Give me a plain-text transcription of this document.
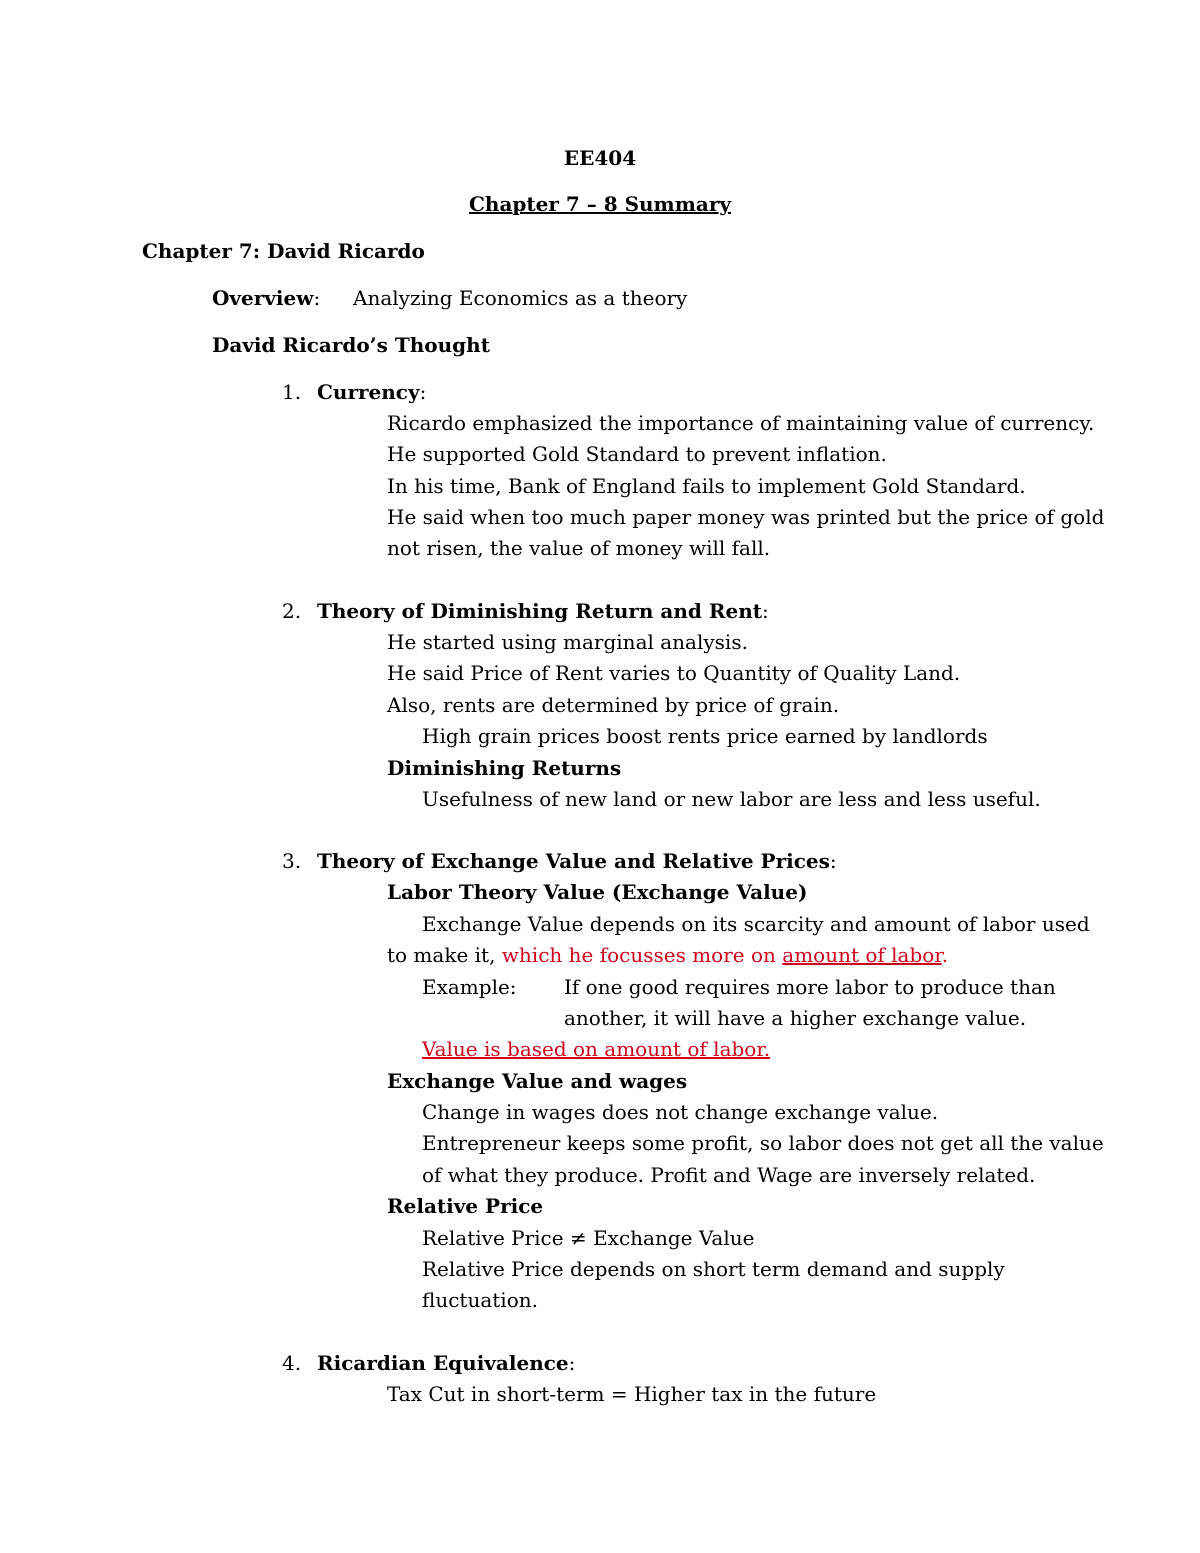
EE404
Chapter 7 – 8 Summary
Chapter 7: David Ricardo
Overview: Analyzing Economics as a theory
David Ricardo’s Thought
1. Currency:
Ricardo emphasized the importance of maintaining value of currency.
He supported Gold Standard to prevent inflation.
In his time, Bank of England fails to implement Gold Standard.
He said when too much paper money was printed but the price of gold
not risen, the value of money will fall.
2. Theory of Diminishing Return and Rent:
He started using marginal analysis.
He said Price of Rent varies to Quantity of Quality Land.
Also, rents are determined by price of grain.
High grain prices boost rents price earned by landlords
Diminishing Returns
Usefulness of new land or new labor are less and less useful.
3. Theory of Exchange Value and Relative Prices:
Labor Theory Value (Exchange Value)
Exchange Value depends on its scarcity and amount of labor used
to make it, which he focusses more on amount of labor.
Example: If one good requires more labor to produce than
another, it will have a higher exchange value.
Value is based on amount of labor.
Exchange Value and wages
Change in wages does not change exchange value.
Entrepreneur keeps some profit, so labor does not get all the value
of what they produce. Profit and Wage are inversely related.
Relative Price
Relative Price ≠ Exchange Value
Relative Price depends on short term demand and supply
fluctuation.
4. Ricardian Equivalence:
Tax Cut in short-term = Higher tax in the future
